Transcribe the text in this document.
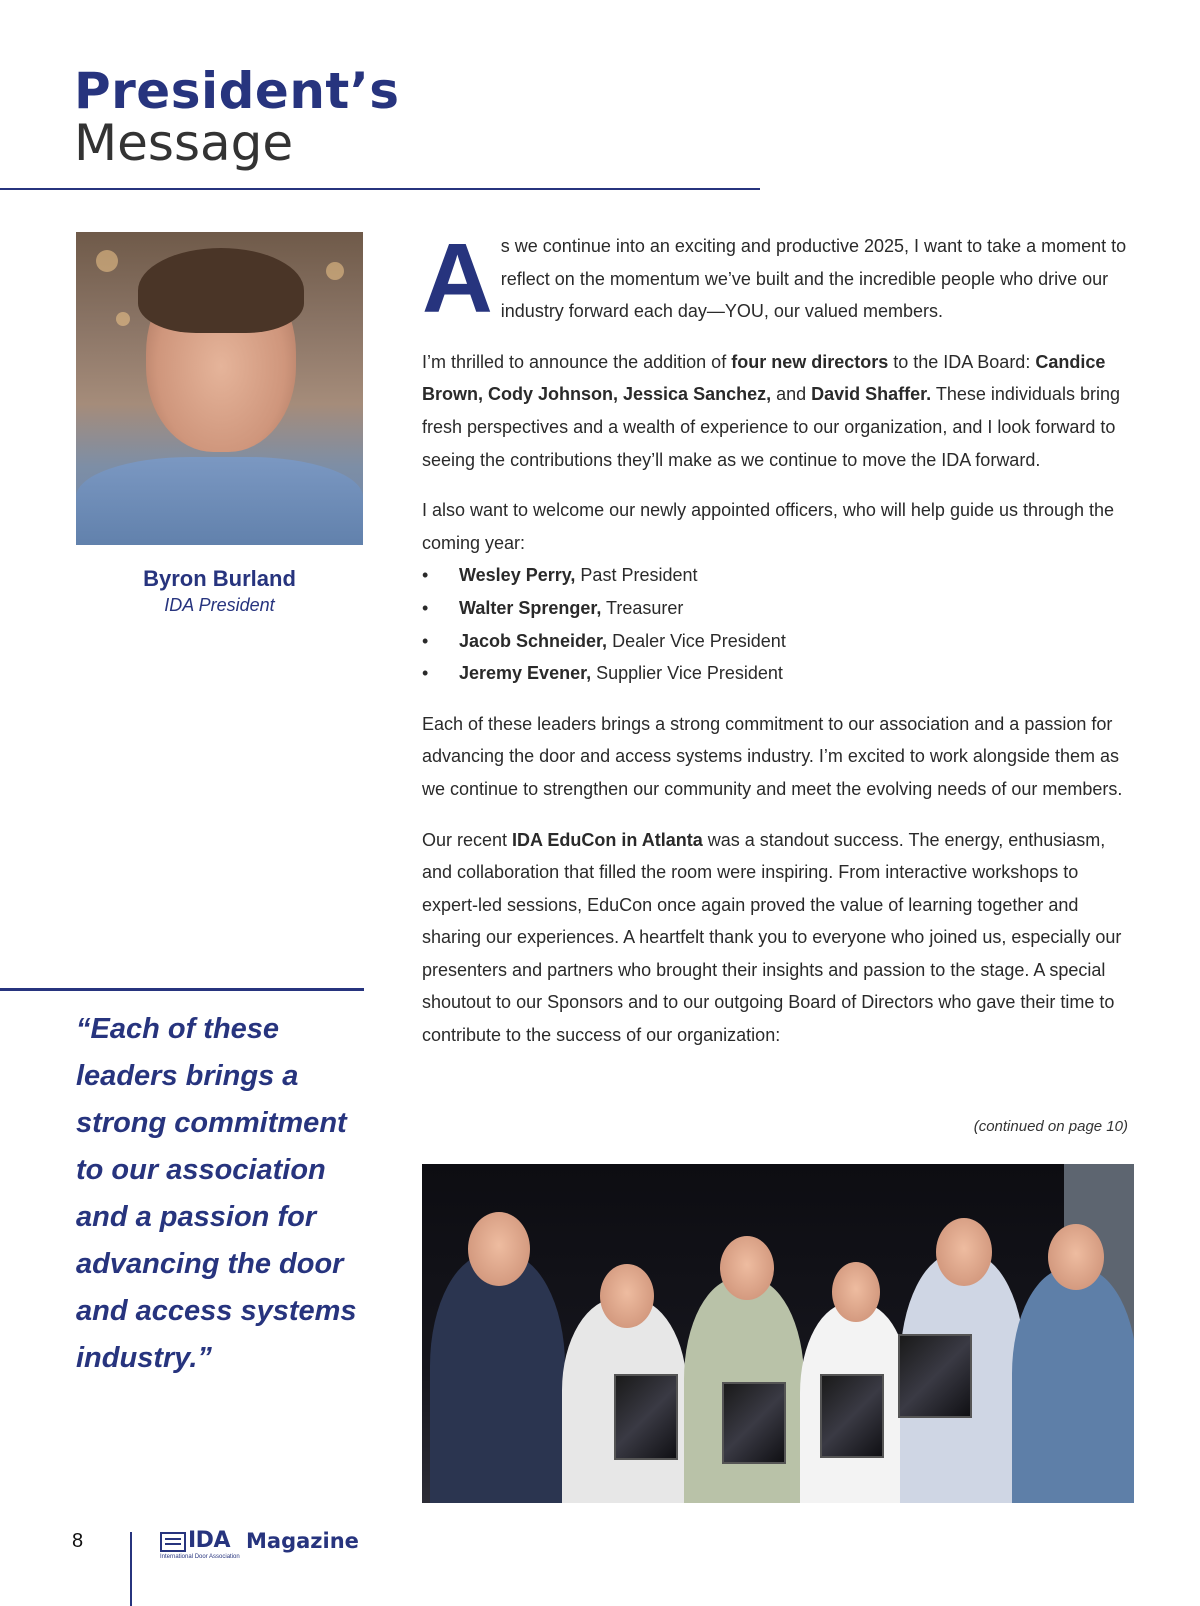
President’s
Message
Byron Burland
IDA President

“Each of these leaders brings a strong commitment to our association and a passion for advancing the door and access systems industry.”

As we continue into an exciting and productive 2025, I want to take a moment to reflect on the momentum we’ve built and the incredible people who drive our industry forward each day—YOU, our valued members.

I’m thrilled to announce the addition of four new directors to the IDA Board: Candice Brown, Cody Johnson, Jessica Sanchez, and David Shaffer. These individuals bring fresh perspectives and a wealth of experience to our organization, and I look forward to seeing the contributions they’ll make as we continue to move the IDA forward.

I also want to welcome our newly appointed officers, who will help guide us through the coming year:

• Wesley Perry, Past President
• Walter Sprenger, Treasurer
• Jacob Schneider, Dealer Vice President
• Jeremy Evener, Supplier Vice President

Each of these leaders brings a strong commitment to our association and a passion for advancing the door and access systems industry. I’m excited to work alongside them as we continue to strengthen our community and meet the evolving needs of our members.

Our recent IDA EduCon in Atlanta was a standout success. The energy, enthusiasm, and collaboration that filled the room were inspiring. From interactive workshops to expert-led sessions, EduCon once again proved the value of learning together and sharing our experiences. A heartfelt thank you to everyone who joined us, especially our presenters and partners who brought their insights and passion to the stage. A special shoutout to our Sponsors and to our outgoing Board of Directors who gave their time to contribute to the success of our organization:

(continued on page 10)
8	IDA Magazine
International Door Association
